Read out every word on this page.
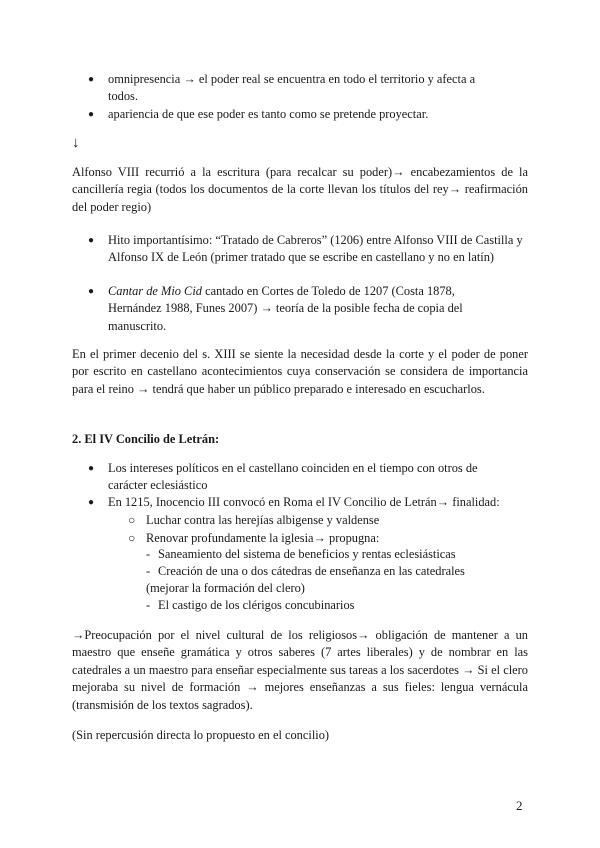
● omnipresencia → el poder real se encuentra en todo el territorio y afecta a todos.
● apariencia de que ese poder es tanto como se pretende proyectar.
↓
Alfonso VIII recurrió a la escritura (para recalcar su poder)→ encabezamientos de la cancillería regia (todos los documentos de la corte llevan los títulos del rey→ reafirmación del poder regio)
● Hito importantísimo: “Tratado de Cabreros” (1206) entre Alfonso VIII de Castilla y Alfonso IX de León (primer tratado que se escribe en castellano y no en latín)
● Cantar de Mio Cid cantado en Cortes de Toledo de 1207 (Costa 1878, Hernández 1988, Funes 2007) → teoría de la posible fecha de copia del manuscrito.
En el primer decenio del s. XIII se siente la necesidad desde la corte y el poder de poner por escrito en castellano acontecimientos cuya conservación se considera de importancia para el reino → tendrá que haber un público preparado e interesado en escucharlos.
2. El IV Concilio de Letrán:
● Los intereses políticos en el castellano coinciden en el tiempo con otros de carácter eclesiástico
● En 1215, Inocencio III convocó en Roma el IV Concilio de Letrán→ finalidad:
○ Luchar contra las herejías albigense y valdense
○ Renovar profundamente la iglesia→ propugna:
- Saneamiento del sistema de beneficios y rentas eclesiásticas
- Creación de una o dos cátedras de enseñanza en las catedrales
(mejorar la formación del clero)
- El castigo de los clérigos concubinarios
→Preocupación por el nivel cultural de los religiosos→ obligación de mantener a un maestro que enseñe gramática y otros saberes (7 artes liberales) y de nombrar en las catedrales a un maestro para enseñar especialmente sus tareas a los sacerdotes → Si el clero mejoraba su nivel de formación → mejores enseñanzas a sus fieles: lengua vernácula (transmisión de los textos sagrados).
(Sin repercusión directa lo propuesto en el concilio)
2
